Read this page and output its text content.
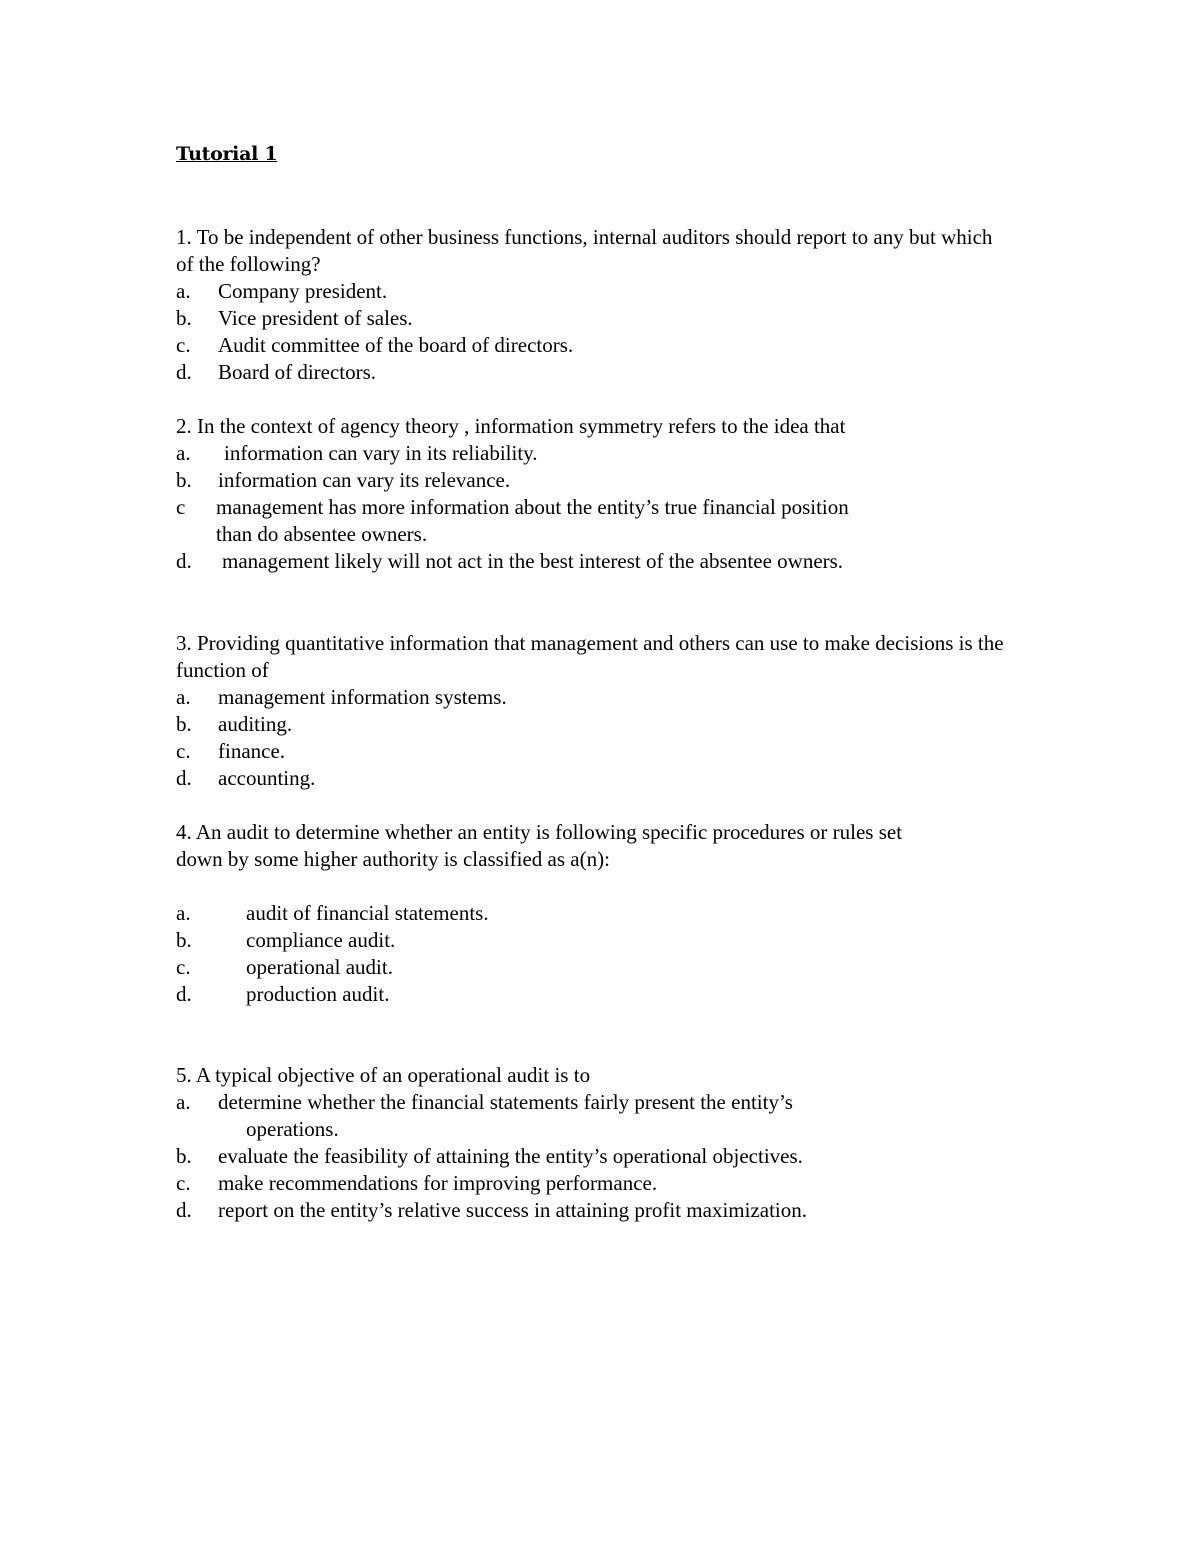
Tutorial 1
1. To be independent of other business functions, internal auditors should report to any but which
of the following?
a. Company president.
b. Vice president of sales.
c. Audit committee of the board of directors.
d. Board of directors.
2. In the context of agency theory , information symmetry refers to the idea that
a. information can vary in its reliability.
b. information can vary its relevance.
c management has more information about the entity’s true financial position
than do absentee owners.
d. management likely will not act in the best interest of the absentee owners.
3. Providing quantitative information that management and others can use to make decisions is the
function of
a. management information systems.
b. auditing.
c. finance.
d. accounting.
4. An audit to determine whether an entity is following specific procedures or rules set
down by some higher authority is classified as a(n):
a.	audit of financial statements.
b.	compliance audit.
c.	operational audit.
d.	production audit.
5. A typical objective of an operational audit is to
a. determine whether the financial statements fairly present the entity’s
operations.
b. evaluate the feasibility of attaining the entity’s operational objectives.
c. make recommendations for improving performance.
d. report on the entity’s relative success in attaining profit maximization.
